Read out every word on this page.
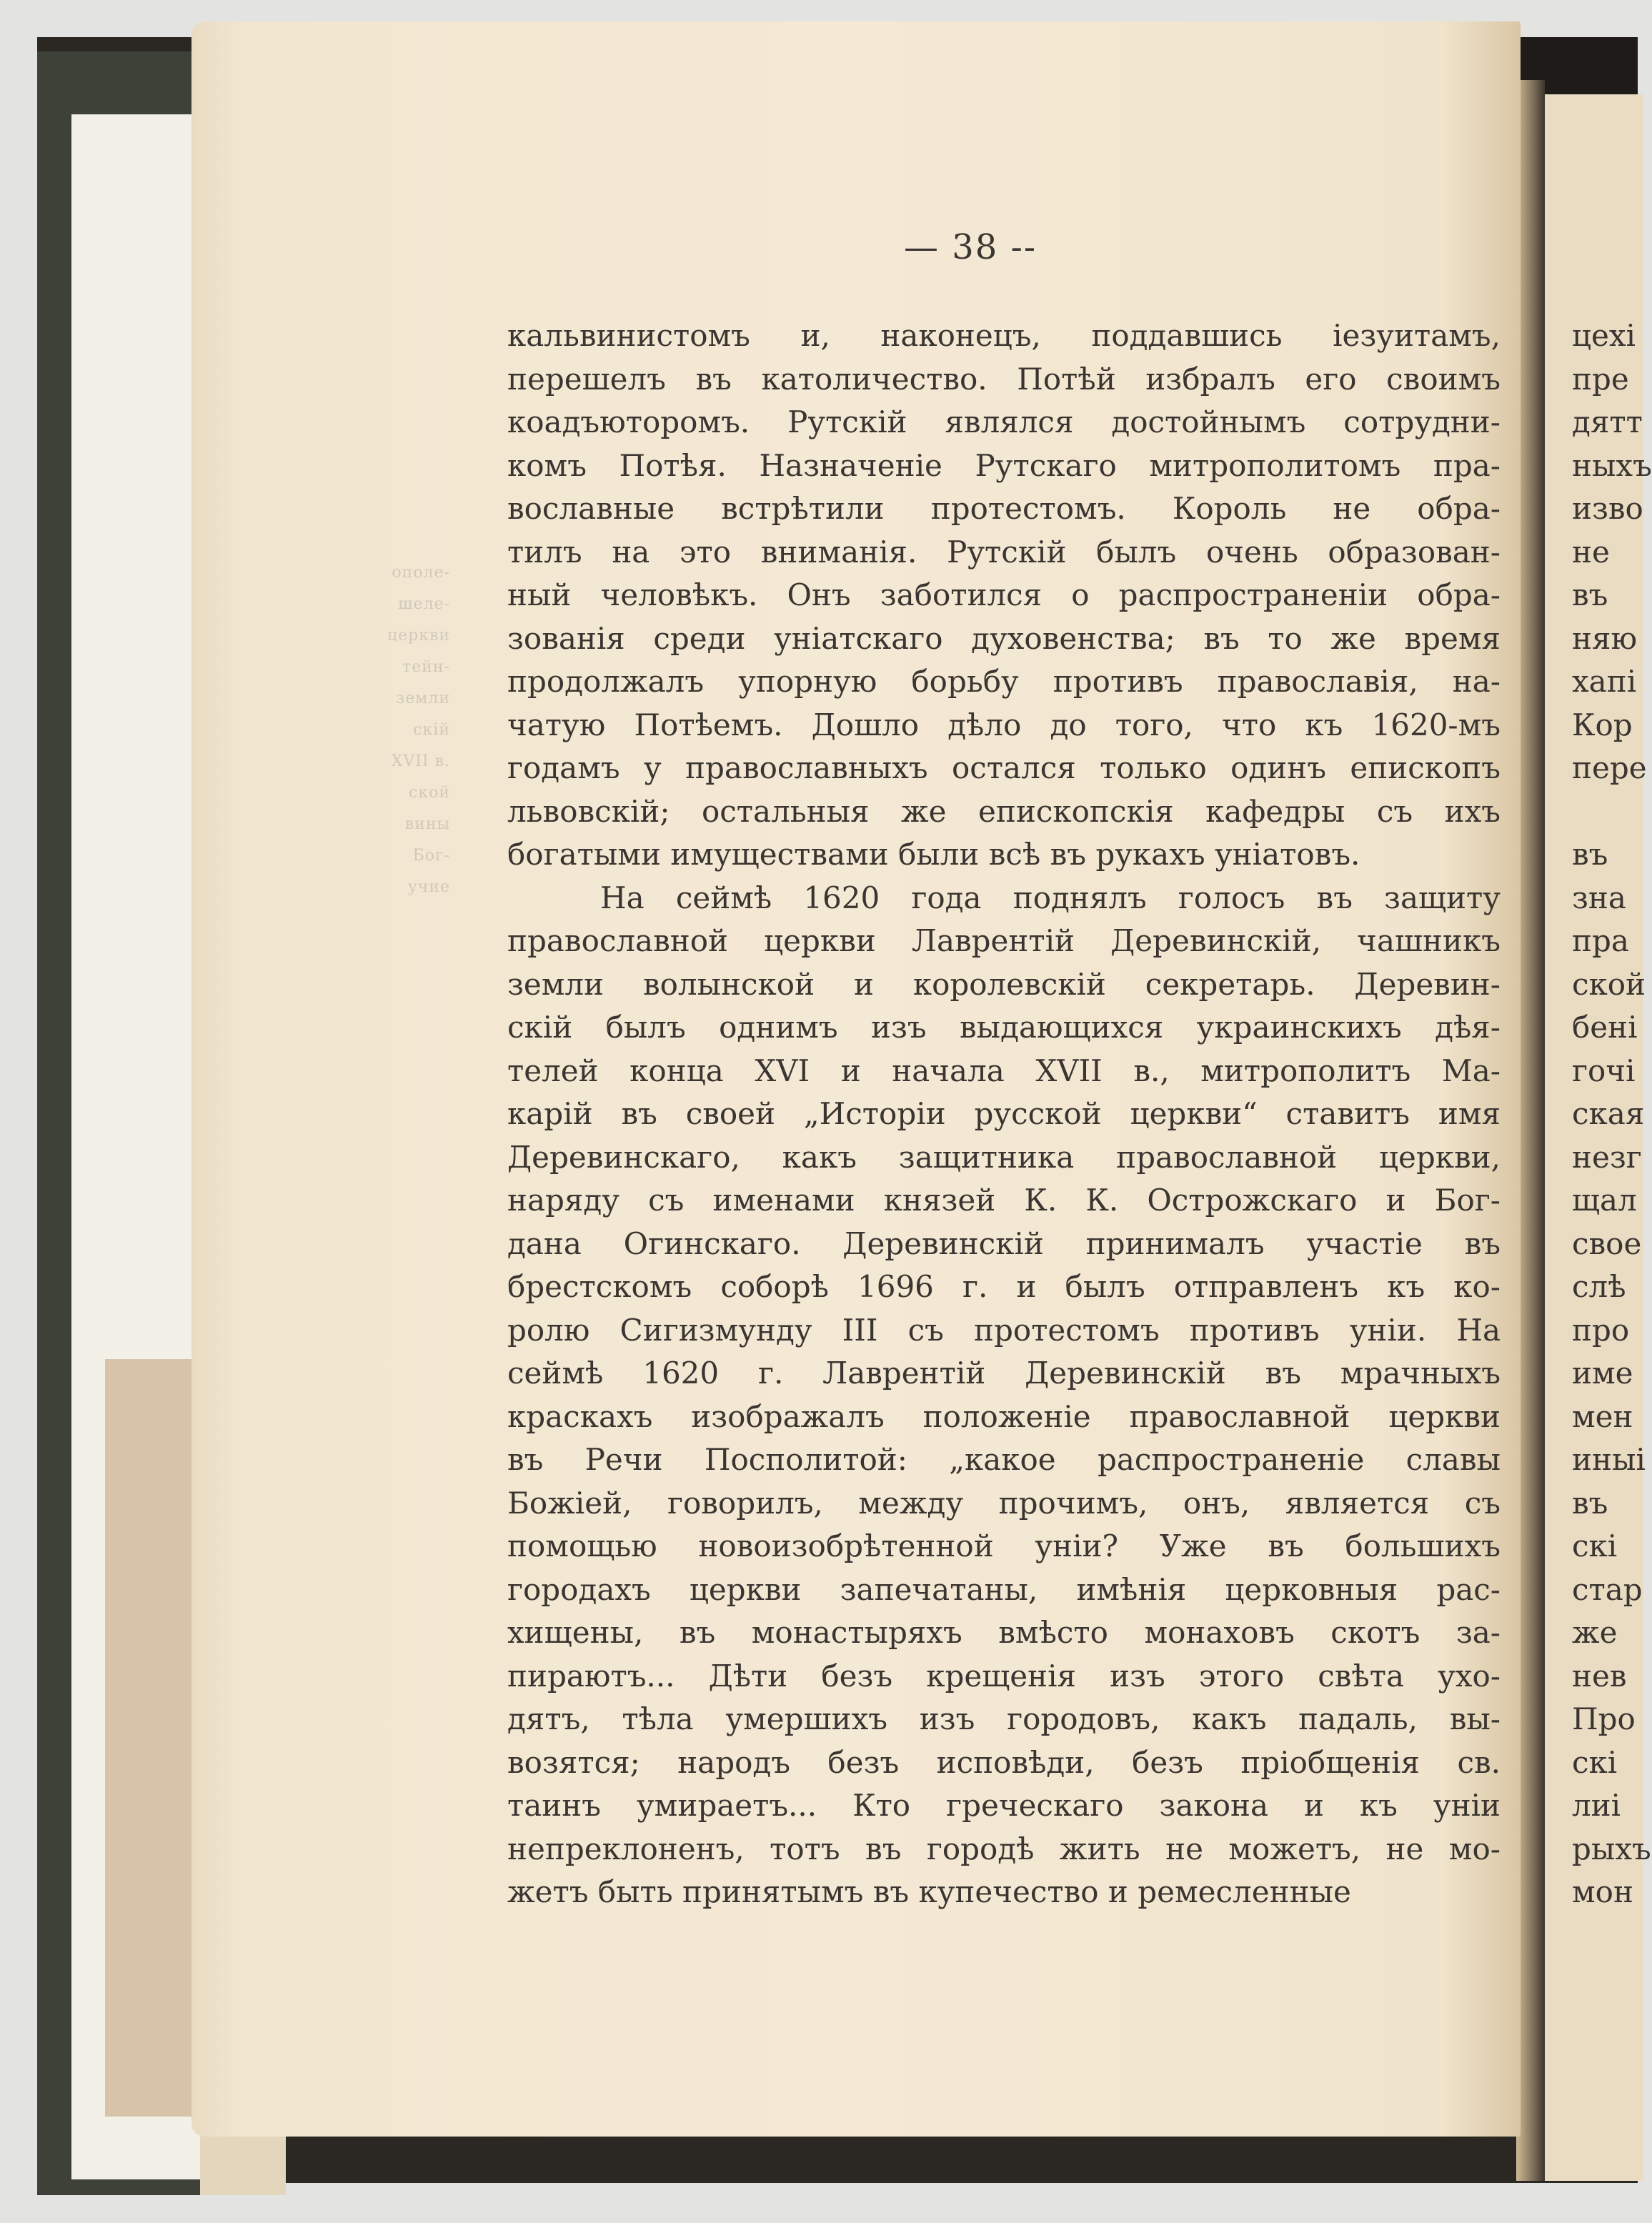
ополе-
шеле-
церкви
тейн-
земли
скій
XVII в.
ской
вины
Бог-
учие
— 38 --
кальвинистомъ и, наконецъ, поддавшись іезуитамъ,
перешелъ въ католичество. Потѣй избралъ его своимъ
коадъюторомъ. Рутскій являлся достойнымъ сотрудни-
комъ Потѣя. Назначеніе Рутскаго митрополитомъ пра-
вославные встрѣтили протестомъ. Король не обра-
тилъ на это вниманія. Рутскій былъ очень образован-
ный человѣкъ. Онъ заботился о распространеніи обра-
зованія среди уніатскаго духовенства; въ то же время
продолжалъ упорную борьбу противъ православія, на-
чатую Потѣемъ. Дошло дѣло до того, что къ 1620-мъ
годамъ у православныхъ остался только одинъ епископъ
львовскій; остальныя же епископскія кафедры съ ихъ
богатыми имуществами были всѣ въ рукахъ уніатовъ.
На сеймѣ 1620 года поднялъ голосъ въ защиту
православной церкви Лаврентій Деревинскій, чашникъ
земли волынской и королевскій секретарь. Деревин-
скій былъ однимъ изъ выдающихся украинскихъ дѣя-
телей конца XVI и начала XVII в., митрополитъ Ма-
карій въ своей „Исторіи русской церкви“ ставитъ имя
Деревинскаго, какъ защитника православной церкви,
наряду съ именами князей К. К. Острожскаго и Бог-
дана Огинскаго. Деревинскій принималъ участіе въ
брестскомъ соборѣ 1696 г. и былъ отправленъ къ ко-
ролю Сигизмунду III съ протестомъ противъ уніи. На
сеймѣ 1620 г. Лаврентій Деревинскій въ мрачныхъ
краскахъ изображалъ положеніе православной церкви
въ Речи Посполитой: „какое распространеніе славы
Божіей, говорилъ, между прочимъ, онъ, является съ
помощью новоизобрѣтенной уніи? Уже въ большихъ
городахъ церкви запечатаны, имѣнія церковныя рас-
хищены, въ монастыряхъ вмѣсто монаховъ скотъ за-
пираютъ... Дѣти безъ крещенія изъ этого свѣта ухо-
дятъ, тѣла умершихъ изъ городовъ, какъ падаль, вы-
возятся; народъ безъ исповѣди, безъ пріобщенія св.
таинъ умираетъ... Кто греческаго закона и къ уніи
непреклоненъ, тотъ въ городѣ жить не можетъ, не мо-
жетъ быть принятымъ въ купечество и ремесленные
цехі
пре
дятт
ныхъ
изво
не
въ
няю
хапі
Кор
пере
въ
зна
прa
ской
бені
гочі
ская
незг
щал
свое
слѣ
про
име
мен
иныі
въ
скі
стар
же
нев
Про
скі
лиі
рыхъ
мон
